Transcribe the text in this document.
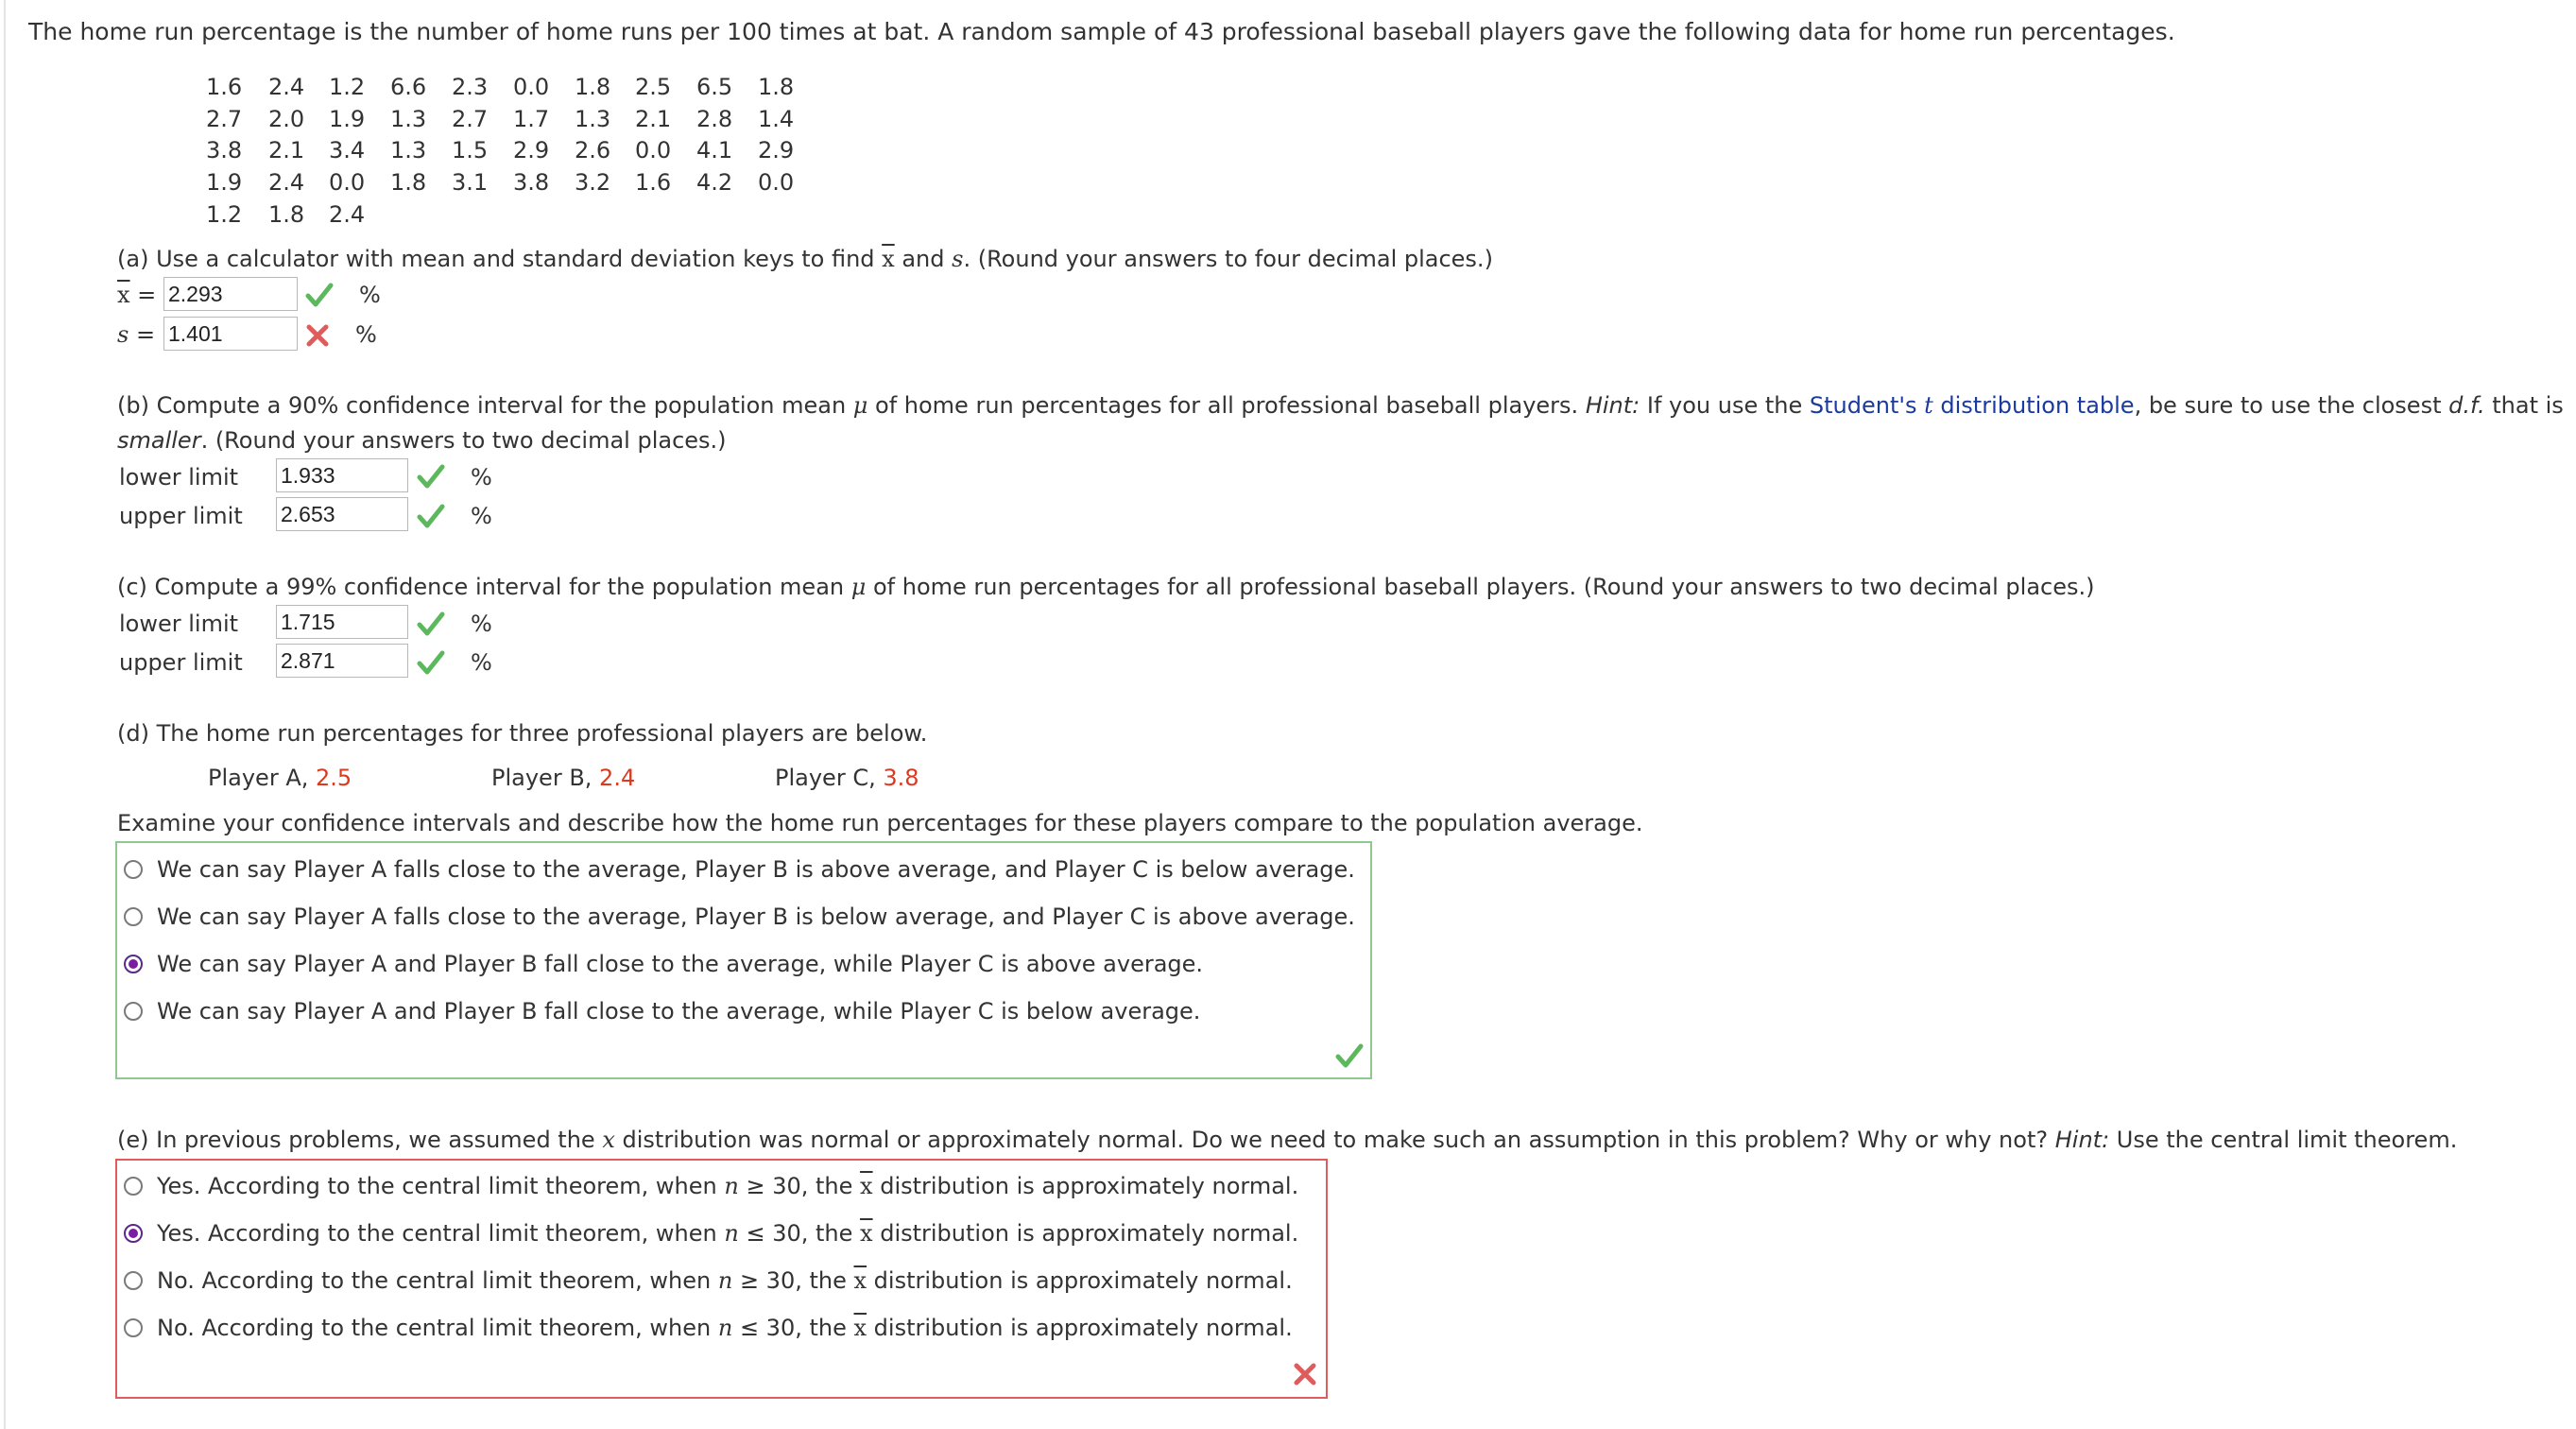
The home run percentage is the number of home runs per 100 times at bat. A random sample of 43 professional baseball players gave the following data for home run percentages.
1.6 2.4 1.2 6.6 2.3 0.0 1.8 2.5 6.5 1.8
2.7 2.0 1.9 1.3 2.7 1.7 1.3 2.1 2.8 1.4
3.8 2.1 3.4 1.3 1.5 2.9 2.6 0.0 4.1 2.9
1.9 2.4 0.0 1.8 3.1 3.8 3.2 1.6 4.2 0.0
1.2 1.8 2.4
(a) Use a calculator with mean and standard deviation keys to find $\overline{x}$ and s. (Round your answers to four decimal places.)
$\overline{x} = 2.293$	%
s = 1.401	%
(b) Compute a 90% confidence interval for the population mean μ of home run percentages for all professional baseball players. Hint: If you use the Student's t distribution table, be sure to use the closest d.f. that is
smaller. (Round your answers to two decimal places.)
lower limit 1.933	%
upper limit 2.653	%
(c) Compute a 99% confidence interval for the population mean μ of home run percentages for all professional baseball players. (Round your answers to two decimal places.)
lower limit 1.715	%
upper limit 2.871	%
(d) The home run percentages for three professional players are below.
Player A, 2.5	Player B, 2.4	Player C, 3.8
Examine your confidence intervals and describe how the home run percentages for these players compare to the population average.
We can say Player A falls close to the average, Player B is above average, and Player C is below average.
We can say Player A falls close to the average, Player B is below average, and Player C is above average.
We can say Player A and Player B fall close to the average, while Player C is above average.
We can say Player A and Player B fall close to the average, while Player C is below average.
(e) In previous problems, we assumed the x distribution was normal or approximately normal. Do we need to make such an assumption in this problem? Why or why not? Hint: Use the central limit theorem.
Yes. According to the central limit theorem, when n ≥ 30, the $\overline{x}$ distribution is approximately normal.
Yes. According to the central limit theorem, when n ≤ 30, the $\overline{x}$ distribution is approximately normal.
No. According to the central limit theorem, when n ≥ 30, the $\overline{x}$ distribution is approximately normal.
No. According to the central limit theorem, when n ≤ 30, the $\overline{x}$ distribution is approximately normal.
